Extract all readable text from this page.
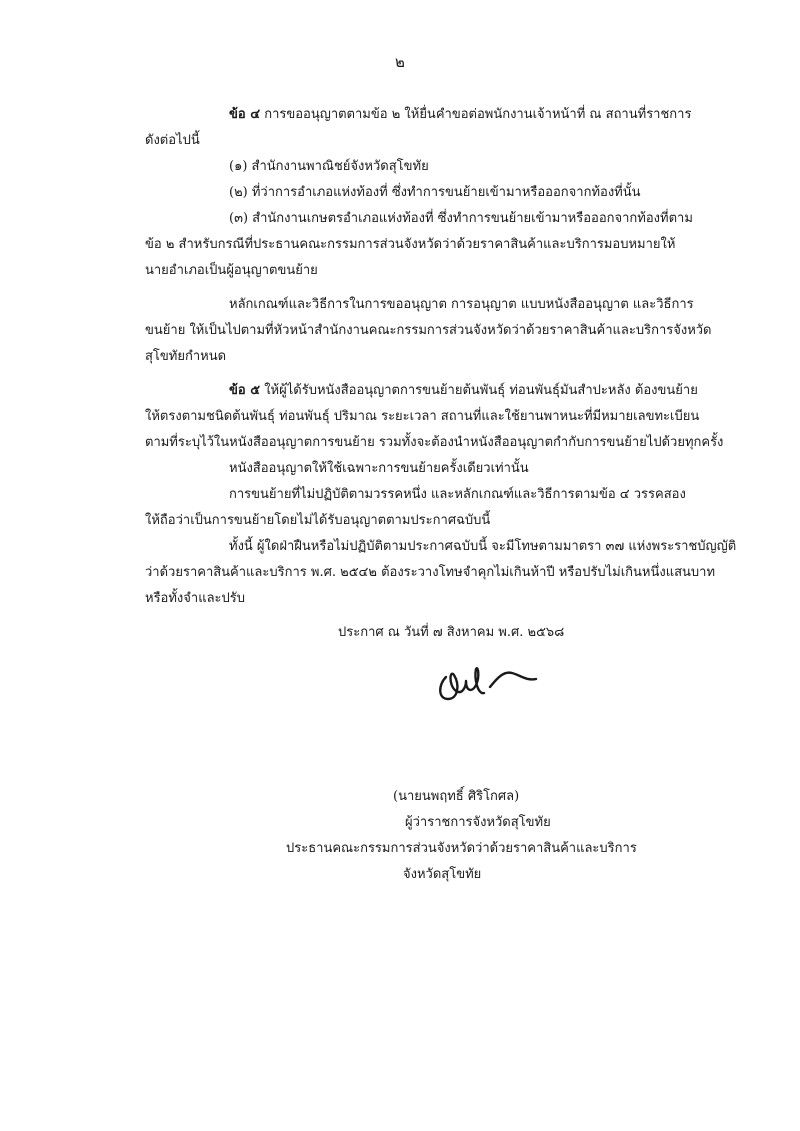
๒
ข้อ ๔ การขออนุญาตตามข้อ ๒ ให้ยื่นคำขอต่อพนักงานเจ้าหน้าที่ ณ สถานที่ราชการ
ดังต่อไปนี้
(๑) สำนักงานพาณิชย์จังหวัดสุโขทัย
(๒) ที่ว่าการอำเภอแห่งท้องที่ ซึ่งทำการขนย้ายเข้ามาหรือออกจากท้องที่นั้น
(๓) สำนักงานเกษตรอำเภอแห่งท้องที่ ซึ่งทำการขนย้ายเข้ามาหรือออกจากท้องที่ตาม
ข้อ ๒ สำหรับกรณีที่ประธานคณะกรรมการส่วนจังหวัดว่าด้วยราคาสินค้าและบริการมอบหมายให้
นายอำเภอเป็นผู้อนุญาตขนย้าย
หลักเกณฑ์และวิธีการในการขออนุญาต การอนุญาต แบบหนังสืออนุญาต และวิธีการ
ขนย้าย ให้เป็นไปตามที่หัวหน้าสำนักงานคณะกรรมการส่วนจังหวัดว่าด้วยราคาสินค้าและบริการจังหวัด
สุโขทัยกำหนด
ข้อ ๕ ให้ผู้ได้รับหนังสืออนุญาตการขนย้ายต้นพันธุ์ ท่อนพันธุ์มันสำปะหลัง ต้องขนย้าย
ให้ตรงตามชนิดต้นพันธุ์ ท่อนพันธุ์ ปริมาณ ระยะเวลา สถานที่และใช้ยานพาหนะที่มีหมายเลขทะเบียน
ตามที่ระบุไว้ในหนังสืออนุญาตการขนย้าย รวมทั้งจะต้องนำหนังสืออนุญาตกำกับการขนย้ายไปด้วยทุกครั้ง
หนังสืออนุญาตให้ใช้เฉพาะการขนย้ายครั้งเดียวเท่านั้น
การขนย้ายที่ไม่ปฏิบัติตามวรรคหนึ่ง และหลักเกณฑ์และวิธีการตามข้อ ๔ วรรคสอง
ให้ถือว่าเป็นการขนย้ายโดยไม่ได้รับอนุญาตตามประกาศฉบับนี้
ทั้งนี้ ผู้ใดฝ่าฝืนหรือไม่ปฏิบัติตามประกาศฉบับนี้ จะมีโทษตามมาตรา ๓๗ แห่งพระราชบัญญัติ
ว่าด้วยราคาสินค้าและบริการ พ.ศ. ๒๕๔๒ ต้องระวางโทษจำคุกไม่เกินห้าปี หรือปรับไม่เกินหนึ่งแสนบาท
หรือทั้งจำและปรับ
ประกาศ ณ วันที่ ๗ สิงหาคม พ.ศ. ๒๕๖๘
(นายนพฤทธิ์ ศิริโกศล)
ผู้ว่าราชการจังหวัดสุโขทัย
ประธานคณะกรรมการส่วนจังหวัดว่าด้วยราคาสินค้าและบริการ
จังหวัดสุโขทัย
